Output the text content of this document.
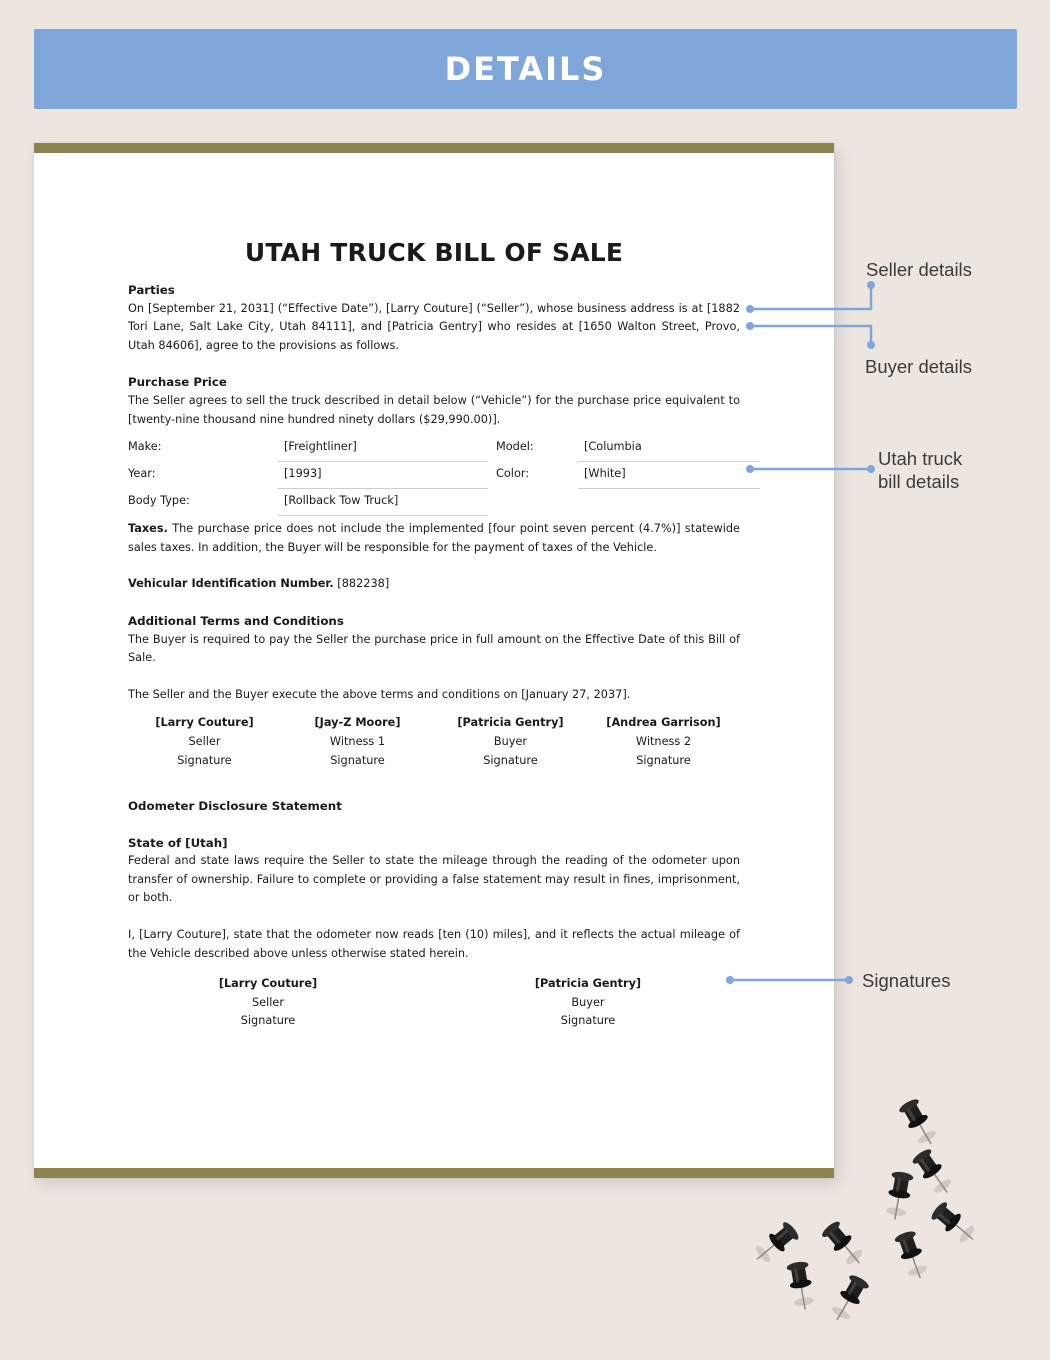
DETAILS
UTAH TRUCK BILL OF SALE
Parties

On [September 21, 2031] (“Effective Date”), [Larry Couture] (“Seller”), whose business address is at [1882 Tori Lane, Salt Lake City, Utah 84111], and [Patricia Gentry] who resides at [1650 Walton Street, Provo, Utah 84606], agree to the provisions as follows.

Purchase Price

The Seller agrees to sell the truck described in detail below (“Vehicle”) for the purchase price equivalent to [twenty-nine thousand nine hundred ninety dollars ($29,990.00)].

Make:	[Freightliner]	Model:	[Columbia
Year:	[1993]	Color:	[White]
Body Type:	[Rollback Tow Truck]

Taxes. The purchase price does not include the implemented [four point seven percent (4.7%)] statewide sales taxes. In addition, the Buyer will be responsible for the payment of taxes of the Vehicle.

Vehicular Identification Number. [882238]

Additional Terms and Conditions

The Buyer is required to pay the Seller the purchase price in full amount on the Effective Date of this Bill of Sale.

The Seller and the Buyer execute the above terms and conditions on [January 27, 2037].

[Larry Couture]
Seller
Signature
[Jay-Z Moore]
Witness 1
Signature
[Patricia Gentry]
Buyer
Signature
[Andrea Garrison]
Witness 2
Signature
Odometer Disclosure Statement
State of [Utah]

Federal and state laws require the Seller to state the mileage through the reading of the odometer upon transfer of ownership. Failure to complete or providing a false statement may result in fines, imprisonment, or both.

I, [Larry Couture], state that the odometer now reads [ten (10) miles], and it reflects the actual mileage of the Vehicle described above unless otherwise stated herein.

[Larry Couture]
Seller
Signature
[Patricia Gentry]
Buyer
Signature
Seller details
Buyer details
Utah truck bill details
Signatures
